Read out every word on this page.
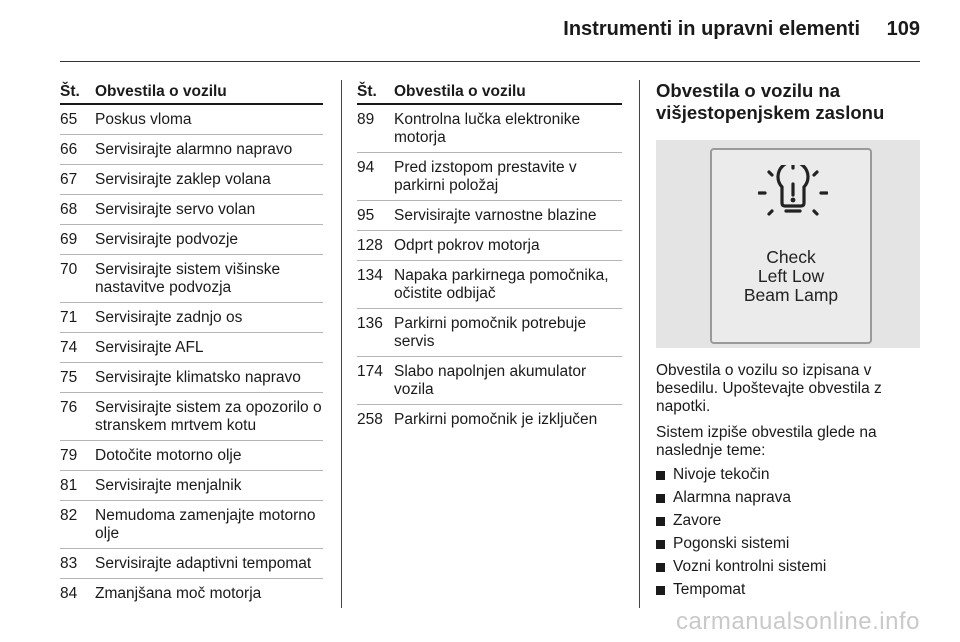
Instrumenti in upravni elementi 109
Št. Obvestila o vozilu
65	Poskus vloma
66	Servisirajte alarmno napravo
67	Servisirajte zaklep volana
68	Servisirajte servo volan
69	Servisirajte podvozje
70	Servisirajte sistem višinske nastavitve podvozja
71	Servisirajte zadnjo os
74	Servisirajte AFL
75	Servisirajte klimatsko napravo
76	Servisirajte sistem za opozorilo o stranskem mrtvem kotu
79	Dotočite motorno olje
81	Servisirajte menjalnik
82	Nemudoma zamenjajte motorno olje
83	Servisirajte adaptivni tempomat
84	Zmanjšana moč motorja
Št.	Obvestila o vozilu
89	Kontrolna lučka elektronike motorja
94	Pred izstopom prestavite v parkirni položaj
95	Servisirajte varnostne blazine
128 Odprt pokrov motorja
134 Napaka parkirnega pomočnika, očistite odbijač
136 Parkirni pomočnik potrebuje servis
174 Slabo napolnjen akumulator vozila
258 Parkirni pomočnik je izključen
Obvestila o vozilu na višjestopenjskem zaslonu
Check
Left Low
Beam Lamp

Obvestila o vozilu so izpisana v besedilu. Upoštevajte obvestila z napotki.

Sistem izpiše obvestila glede na naslednje teme:

Nivoje tekočin
Alarmna naprava
Zavore
Pogonski sistemi
Vozni kontrolni sistemi
Tempomat
carmanualsonline.info
